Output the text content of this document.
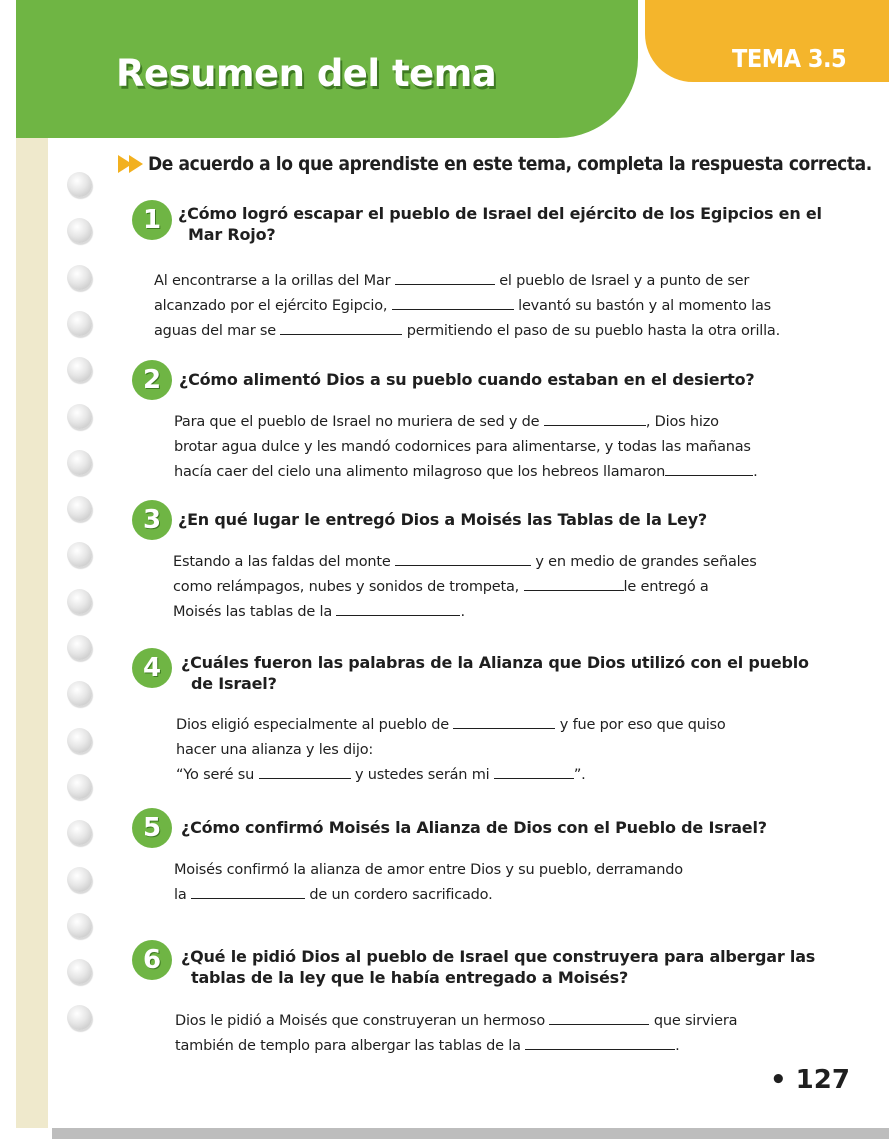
Resumen del tema	TEMA 3.5
De acuerdo a lo que aprendiste en este tema, completa la respuesta correcta.
1	¿Cómo logró escapar el pueblo de Israel del ejército de los Egipcios en el
Mar Rojo?
Al encontrarse a la orillas del Mar	el pueblo de Israel y a punto de ser
alcanzado por el ejército Egipcio,	levantó su bastón y al momento las
aguas del mar se	permitiendo el paso de su pueblo hasta la otra orilla.
2	¿Cómo alimentó Dios a su pueblo cuando estaban en el desierto?
Para que el pueblo de Israel no muriera de sed y de	, Dios hizo
brotar agua dulce y les mandó codornices para alimentarse, y todas las mañanas
hacía caer del cielo una alimento milagroso que los hebreos llamaron	.
3	¿En qué lugar le entregó Dios a Moisés las Tablas de la Ley?
Estando a las faldas del monte	y en medio de grandes señales
como relámpagos, nubes y sonidos de trompeta,	le entregó a
Moisés las tablas de la	.
4	¿Cuáles fueron las palabras de la Alianza que Dios utilizó con el pueblo
de Israel?
Dios eligió especialmente al pueblo de	y fue por eso que quiso
hacer una alianza y les dijo:
“Yo seré su	y ustedes serán mi	”.
5	¿Cómo confirmó Moisés la Alianza de Dios con el Pueblo de Israel?
Moisés confirmó la alianza de amor entre Dios y su pueblo, derramando
la	de un cordero sacrificado.
6	¿Qué le pidió Dios al pueblo de Israel que construyera para albergar las
tablas de la ley que le había entregado a Moisés?
Dios le pidió a Moisés que construyeran un hermoso	que sirviera
también de templo para albergar las tablas de la	.
• 127
